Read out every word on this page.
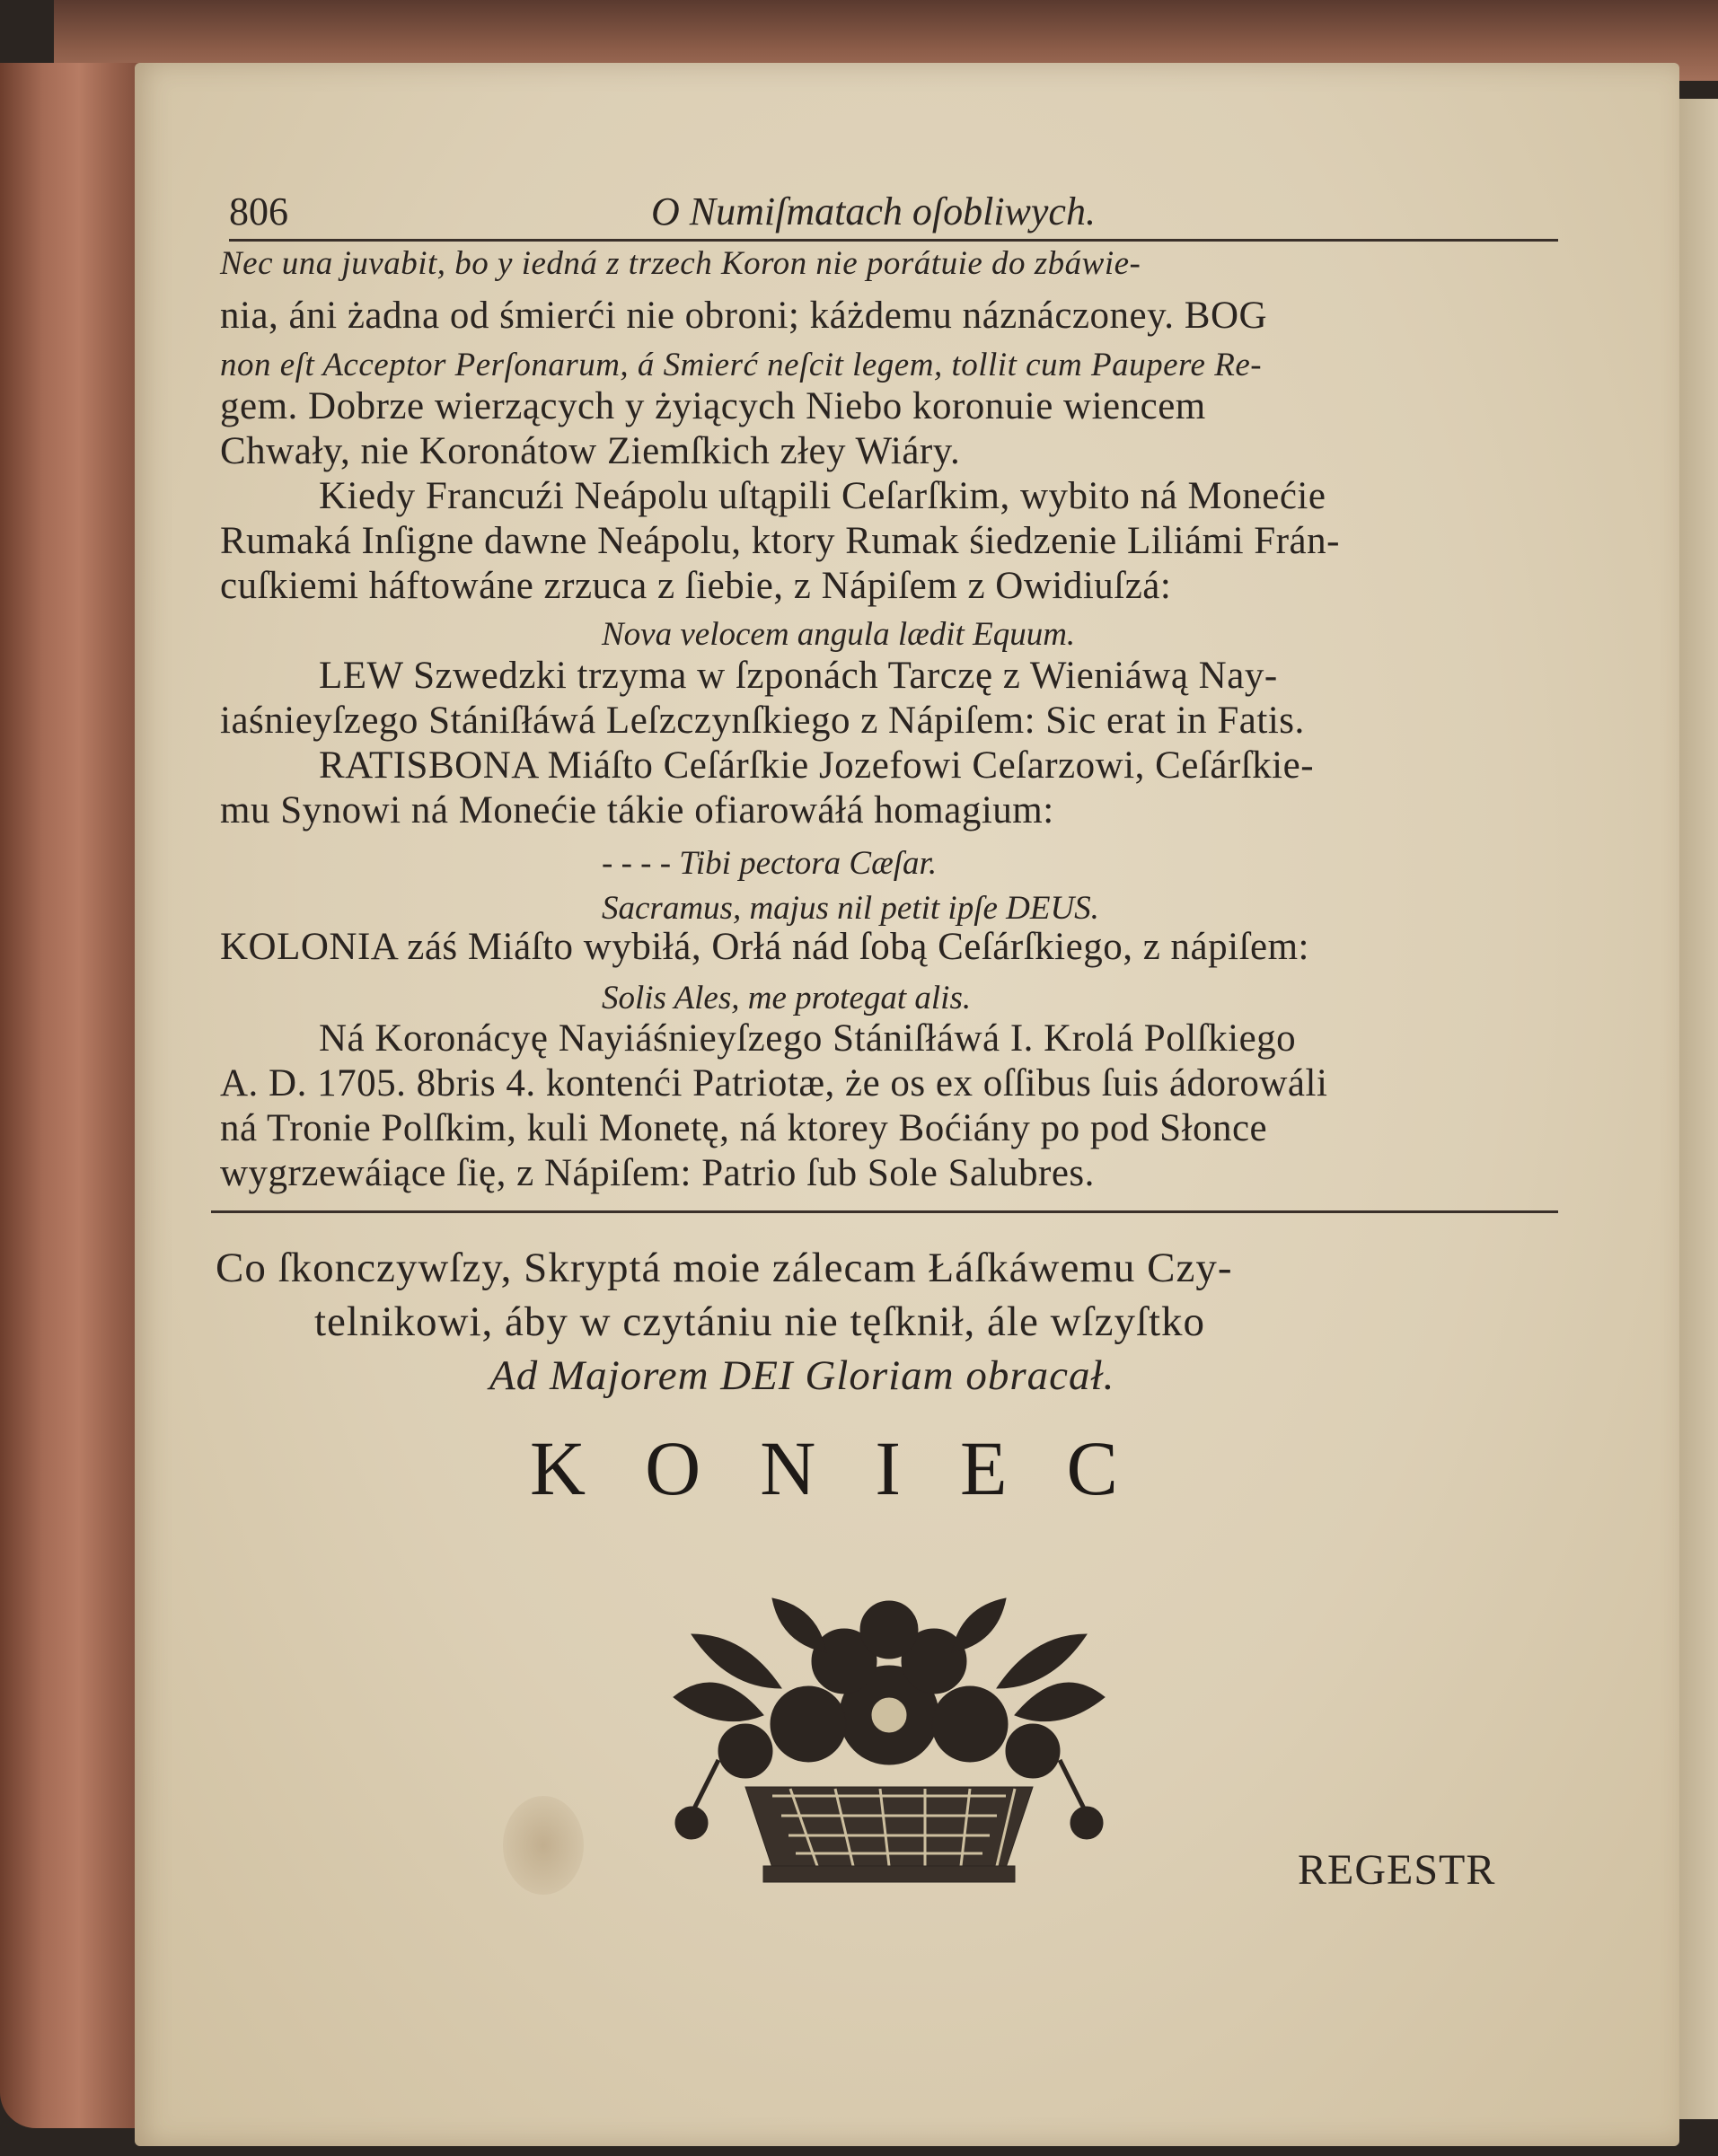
806	O Numiſmatach oſobliwych.
Nec una juvabit, bo y iedná z trzech Koron nie porátuie do zbáwie-
nia, áni żadna od śmierći nie obroni; káżdemu náznáczoney. BOG
non eſt Acceptor Perſonarum, á Smierć neſcit legem, tollit cum Paupere Re-
gem. Dobrze wierzących y żyiących Niebo koronuie wiencem
Chwały, nie Koronátow Ziemſkich złey Wiáry.
Kiedy Francuźi Neápolu uſtąpili Ceſarſkim, wybito ná Monećie
Rumaká Inſigne dawne Neápolu, ktory Rumak śiedzenie Liliámi Frán-
cuſkiemi háftowáne zrzuca z ſiebie, z Nápiſem z Owidiuſzá:
Nova velocem angula lædit Equum.
LEW Szwedzki trzyma w ſzponách Tarczę z Wieniáwą Nay-
iaśnieyſzego Stániſłáwá Leſzczynſkiego z Nápiſem: Sic erat in Fatis.
RATISBONA Miáſto Ceſárſkie Jozefowi Ceſarzowi, Ceſárſkie-
mu Synowi ná Monećie tákie ofiarowáłá homagium:
- - - - Tibi pectora Cæſar.
Sacramus, majus nil petit ipſe DEUS.
KOLONIA záś Miáſto wybiłá, Orłá nád ſobą Ceſárſkiego, z nápiſem:
Solis Ales, me protegat alis.
Ná Koronácyę Nayiáśnieyſzego Stániſłáwá I. Krolá Polſkiego
A. D. 1705. 8bris 4. kontenći Patriotæ, że os ex oſſibus ſuis ádorowáli
ná Tronie Polſkim, kuli Monetę, ná ktorey Boćiány po pod Słonce
wygrzewáiące ſię, z Nápiſem: Patrio ſub Sole Salubres.
Co ſkonczywſzy, Skryptá moie zálecam Łáſkáwemu Czy-
telnikowi, áby w czytániu nie tęſknił, ále wſzyſtko
Ad Majorem DEI Gloriam obracał.
KONIEC
REGESTR
